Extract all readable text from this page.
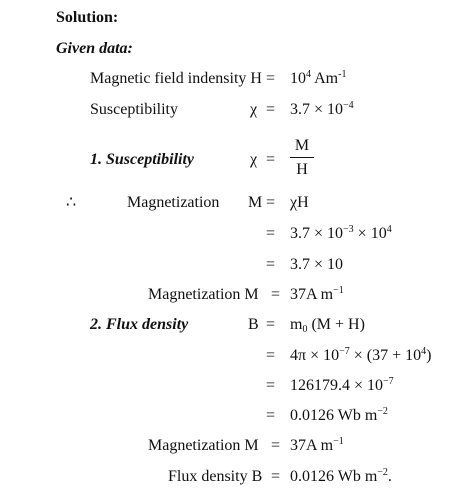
Solution:
Given data:
Magnetic field indensity $H = 10^4$ $Am^{-1}$
Susceptibility	$\chi = 3.7 \times 10^{-4}$
1. Susceptibility	χ =
M
H
∴	Magnetization M = χH
= $3.7 \times 10^{-3} \times 10^4$
= 3.7 × 10
Magnetization M = 37A $m^{-1}$
2. Flux density	$B = m_0$ (M + H)
= $4\pi \times 10^{-7} \times (37 + 10^4)$
= $126179.4 \times 10^{-7}$
= 0.0126 Wb $m^{-2}$
Magnetization M = 37A $m^{-1}$
Flux density B = 0.0126 Wb $m^{-2}$.
